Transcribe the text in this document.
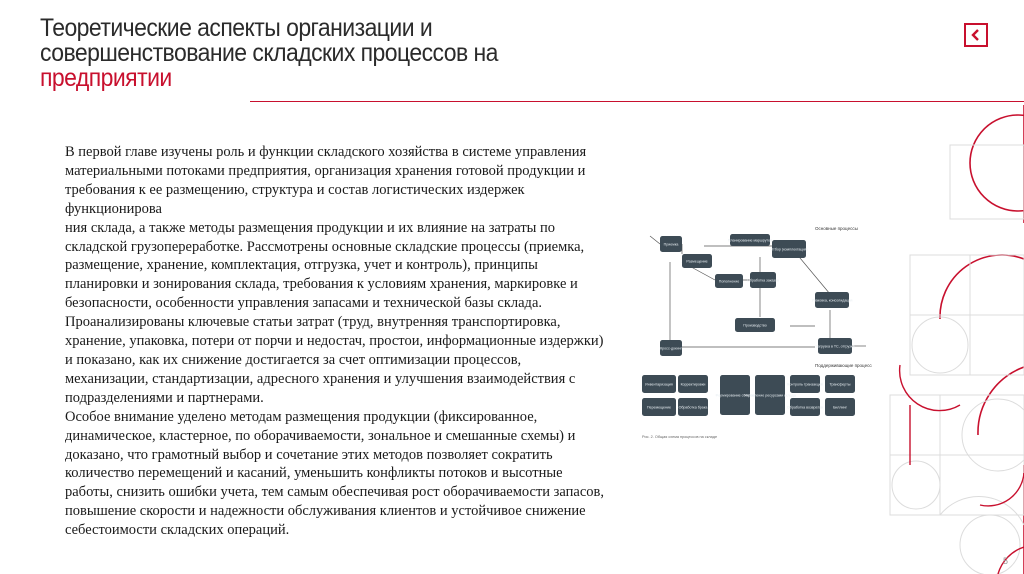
Теоретические аспекты организации и
совершенствование складских процессов на
предприятии

В первой главе изучены роль и функции складского хозяйства в системе управления материальными потоками предприятия, организация хранения готовой продукции и требования к ее размещению, структура и состав логистических издержек функционирова
ния склада, а также методы размещения продукции и их влияние на затраты по складской грузопереработке. Рассмотрены основные складские процессы (приемка, размещение, хранение, комплектация, отгрузка, учет и контроль), принципы планировки и зонирования склада, требования к условиям хранения, маркировке и безопасности, особенности управления запасами и технической базы склада. Проанализированы ключевые статьи затрат (труд, внутренняя транспортировка, хранение, упаковка, потери от порчи и недостач, простои, информационные издержки) и показано, как их снижение достигается за счет оптимизации процессов, механизации, стандартизации, адресного хранения и улучшения взаимодействия с подразделениями и партнерами.

Особое внимание уделено методам размещения продукции (фиксированное, динамическое, кластерное, по оборачиваемости, зональное и смешанные схемы) и доказано, что грамотный выбор и сочетание этих методов позволяет сократить количество перемещений и касаний, уменьшить конфликты потоков и высотные работы, снизить ошибки учета, тем самым обеспечивая рост оборачиваемости запасов, повышение скорости и надежности обслуживания клиентов и устойчивое снижение себестоимости складских операций.

Приемка
Размещение
Пополнение Обработка заказов
Производство
Упаковка, консолидация
Кросс-докинг
Отбор (комплектация)
Планирование маршрутов
Загрузка в ТС, отгрузка
Инвентаризация Корректировки
Перемещение Обработка брака
Формирование отчетов
Управление ресурсами склада
Контроль транзакций Трансферты
Обработка возвратов	Биллинг
Основные процессы
Поддерживающие процессы
Рис. 2. Общая схема процессов на складе
5
